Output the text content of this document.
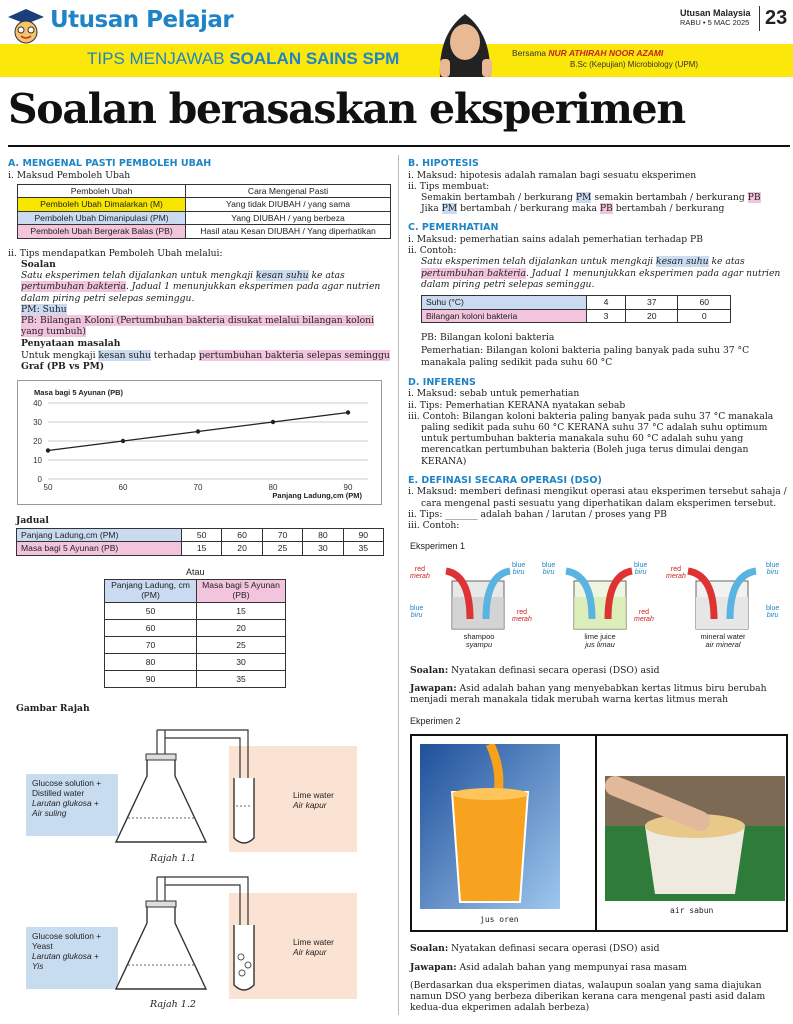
Utusan Pelajar	Utusan Malaysia
RABU • 5 MAC 2025 23
TIPS MENJAWAB SOALAN SAINS SPM	Bersama NUR ATHIRAH NOOR AZAMI
B.Sc (Kepujian) Microbiology (UPM)
Soalan berasaskan eksperimen
A. MENGENAL PASTI PEMBOLEH UBAH
i. Maksud Pemboleh Ubah
Pemboleh Ubah	Cara Mengenal Pasti
Pemboleh Ubah Dimalarkan (M)	Yang tidak DIUBAH / yang sama
Pemboleh Ubah Dimanipulasi (PM)	Yang DIUBAH / yang berbeza
Pemboleh Ubah Bergerak Balas (PB)	Hasil atau Kesan DIUBAH / Yang diperhatikan
ii. Tips mendapatkan Pemboleh Ubah melalui:
Soalan
Satu eksperimen telah dijalankan untuk mengkaji kesan suhu ke atas pertumbuhan bakteria. Jadual 1 menunjukkan eksperimen pada agar nutrien dalam piring petri selepas seminggu.
PM: Suhu
PB: Bilangan Koloni (Pertumbuhan bakteria disukat melalui bilangan koloni yang tumbuh)
Penyataan masalah
Untuk mengkaji kesan suhu terhadap pertumbuhan bakteria selepas seminggu
Graf (PB vs PM)
0
10
20
30
40
50	60	70	80	90
Masa bagi 5 Ayunan (PB)
Panjang Ladung,cm (PM)
Jadual
Panjang Ladung,cm (PM)	50	60	70	80	90
Masa bagi 5 Ayunan (PB)	15	20	25	30	35
Atau
Panjang Ladung, cm (PM)	Masa bagi 5 Ayunan (PB)
50	15
60	20
70	25
80	30
90	35
Gambar Rajah
Glucose solution +
Distilled water
Larutan glukosa +
Air suling
Lime water
Air kapur
Rajah 1.1
Glucose solution +
Yeast
Larutan glukosa +
Yis
Lime water
Air kapur
Rajah 1.2
B. HIPOTESIS
i. Maksud: hipotesis adalah ramalan bagi sesuatu eksperimen
ii. Tips membuat:
Semakin bertambah / berkurang PM semakin bertambah / berkurang PB
Jika PM bertambah / berkurang maka PB bertambah / berkurang
C. PEMERHATIAN
i. Maksud: pemerhatian sains adalah pemerhatian terhadap PB
ii. Contoh:
Satu eksperimen telah dijalankan untuk mengkaji kesan suhu ke atas pertumbuhan bakteria. Jadual 1 menunjukkan eksperimen pada agar nutrien dalam piring petri selepas seminggu.
Suhu (°C)	4	37	60
Bilangan koloni bakteria	3	20	0
PB: Bilangan koloni bakteria
Pemerhatian: Bilangan koloni bakteria paling banyak pada suhu 37 °C manakala paling sedikit pada suhu 60 °C
D. INFERENS
i. Maksud: sebab untuk pemerhatian
ii. Tips: Pemerhatian KERANA nyatakan sebab
iii. Contoh: Bilangan koloni bakteria paling banyak pada suhu 37 °C manakala paling sedikit pada suhu 60 °C KERANA suhu 37 °C adalah suhu optimum untuk pertumbuhan bakteria manakala suhu 60 °C adalah suhu yang merencatkan pertumbuhan bakteria (Boleh juga terus dimulai dengan KERANA)
E. DEFINASI SECARA OPERASI (DSO)
i. Maksud: memberi definasi mengikut operasi atau eksperimen tersebut sahaja / cara mengenal pasti sesuatu yang diperhatikan dalam eksperimen tersebut.
ii. Tips: _______ adalah bahan / larutan / proses yang PB
iii. Contoh:
Eksperimen 1
red
merah
blue
biru
blue
biru	red
merah
blue
biru
blue
biru
red
merah
red
merah
blue
biru
blue
biru
shampoo
syampu
lime juice
jus limau
mineral water
air mineral
Soalan: Nyatakan definasi secara operasi (DSO) asid
Jawapan: Asid adalah bahan yang menyebabkan kertas litmus biru berubah menjadi merah manakala tidak merubah warna kertas litmus merah
Ekperimen 2
jus oren
air sabun
Soalan: Nyatakan definasi secara operasi (DSO) asid
Jawapan: Asid adalah bahan yang mempunyai rasa masam
(Berdasarkan dua eksperimen diatas, walaupun soalan yang sama diajukan namun DSO yang berbeza diberikan kerana cara mengenal pasti asid dalam kedua-dua ekperimen adalah berbeza)
